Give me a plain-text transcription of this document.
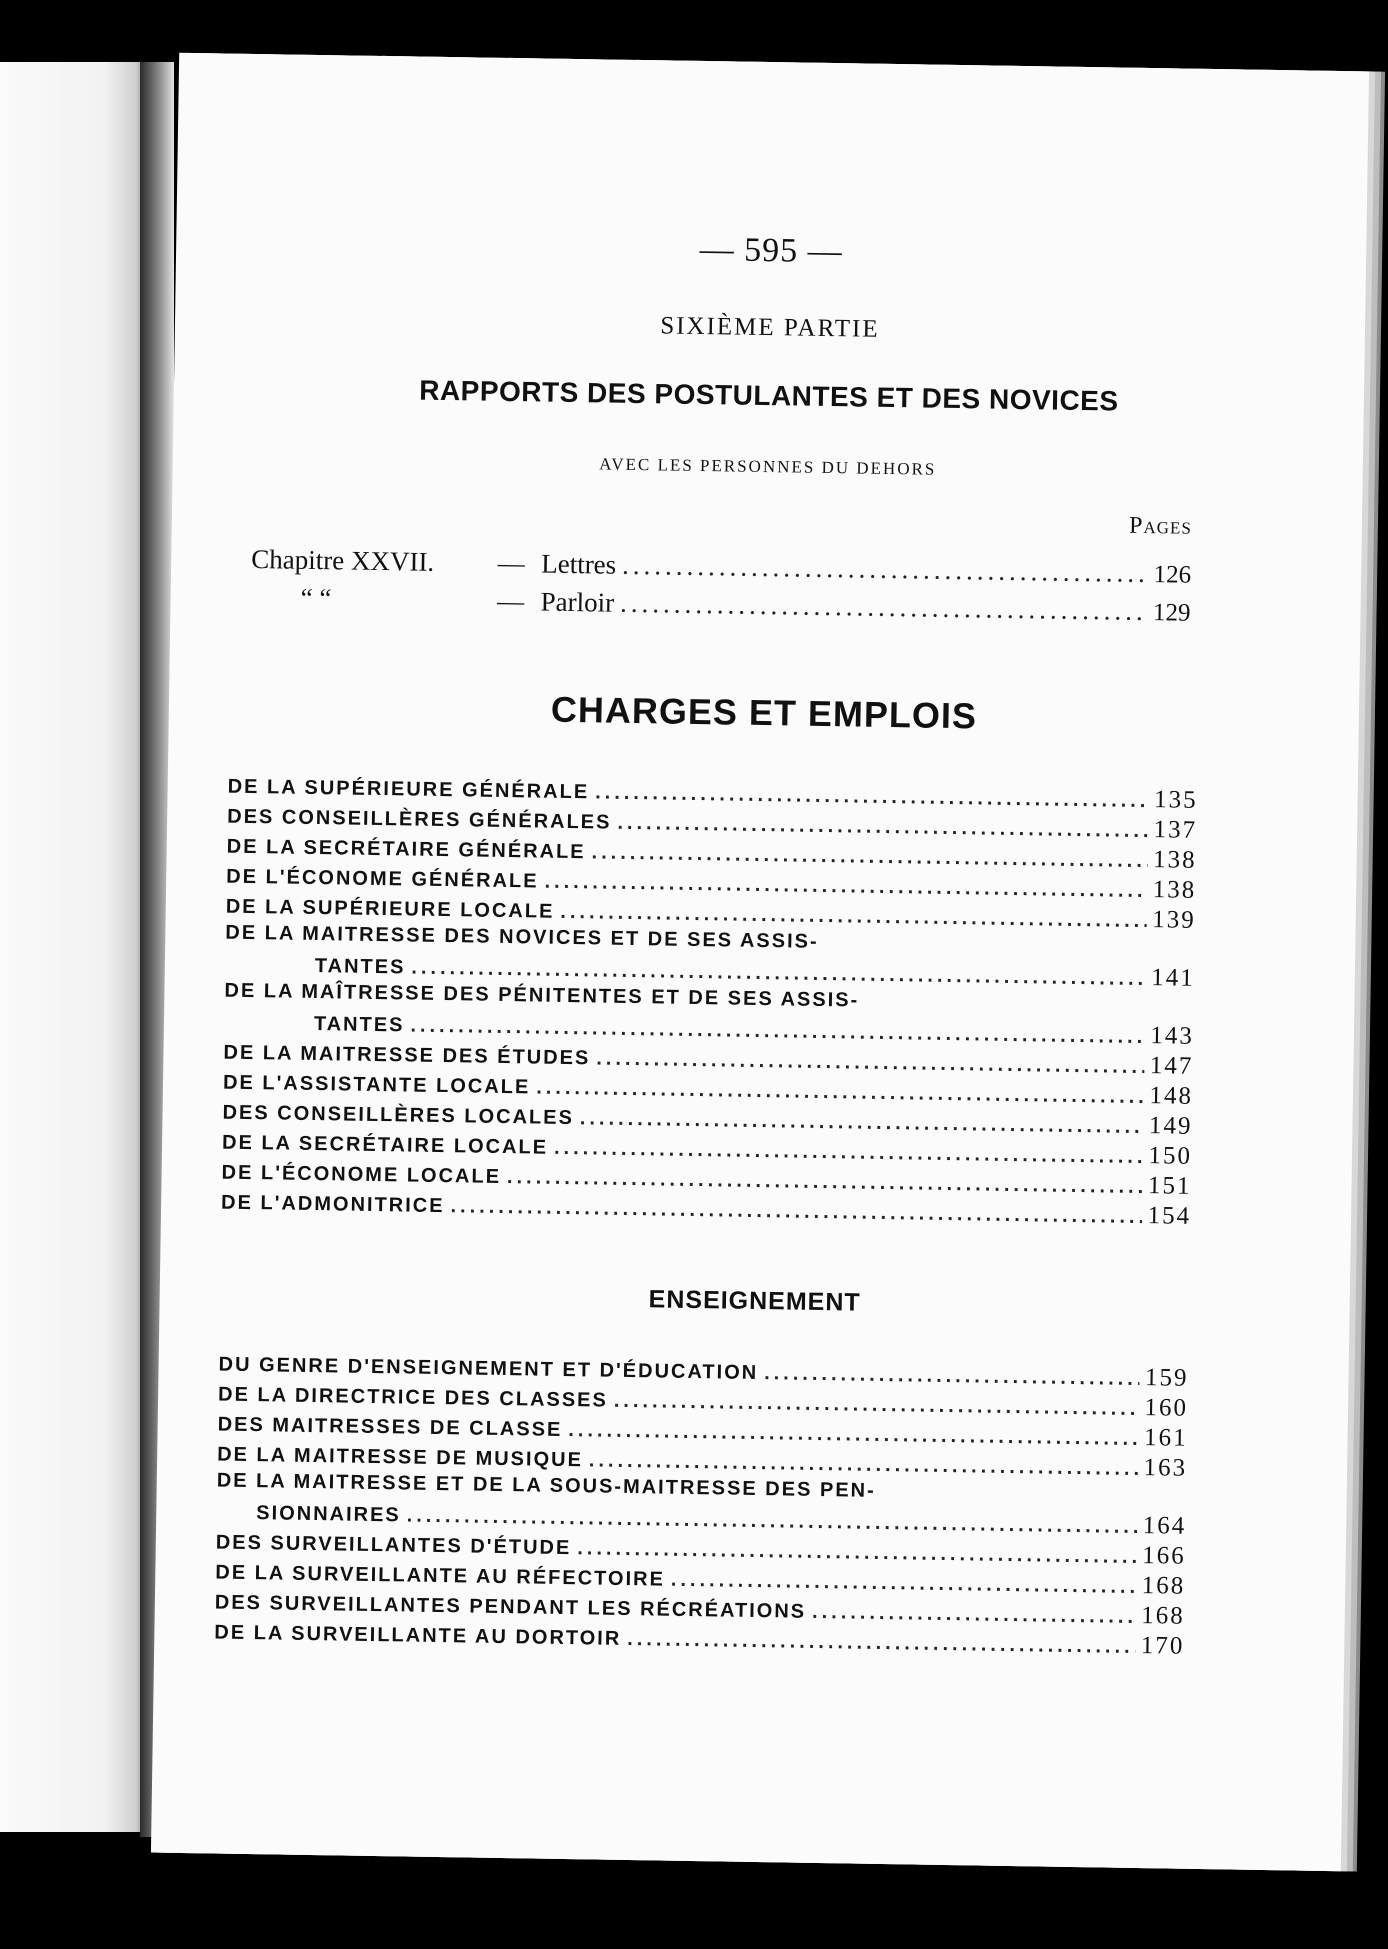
— 595 —
SIXIÈME PARTIE
RAPPORTS DES POSTULANTES ET DES NOVICES
AVEC LES PERSONNES DU DEHORS
Pages
Chapitre XXVII.	— Lettres .....	126
“ “	— Parloir .....	129
CHARGES ET EMPLOIS
DE LA SUPÉRIEURE GÉNÉRALE .....	135
DES CONSEILLÈRES GÉNÉRALES .....	137
DE LA SECRÉTAIRE GÉNÉRALE .....	138
DE L'ÉCONOME GÉNÉRALE .....	138
DE LA SUPÉRIEURE LOCALE .....	139
DE LA MAITRESSE DES NOVICES ET DE SES ASSIS-
TANTES .....	141
DE LA MAÎTRESSE DES PÉNITENTES ET DE SES ASSIS-
TANTES .....	143
DE LA MAITRESSE DES ÉTUDES .....	147
DE L'ASSISTANTE LOCALE .....	148
DES CONSEILLÈRES LOCALES .....	149
DE LA SECRÉTAIRE LOCALE .....	150
DE L'ÉCONOME LOCALE .....	151
DE L'ADMONITRICE .....	154
ENSEIGNEMENT
DU GENRE D'ENSEIGNEMENT ET D'ÉDUCATION .....	159
DE LA DIRECTRICE DES CLASSES .....	160
DES MAITRESSES DE CLASSE .....	161
DE LA MAITRESSE DE MUSIQUE .....	163
DE LA MAITRESSE ET DE LA SOUS-MAITRESSE DES PEN-
SIONNAIRES .....	164
DES SURVEILLANTES D'ÉTUDE .....	166
DE LA SURVEILLANTE AU RÉFECTOIRE .....	168
DES SURVEILLANTES PENDANT LES RÉCRÉATIONS .....	168
DE LA SURVEILLANTE AU DORTOIR .....	170
